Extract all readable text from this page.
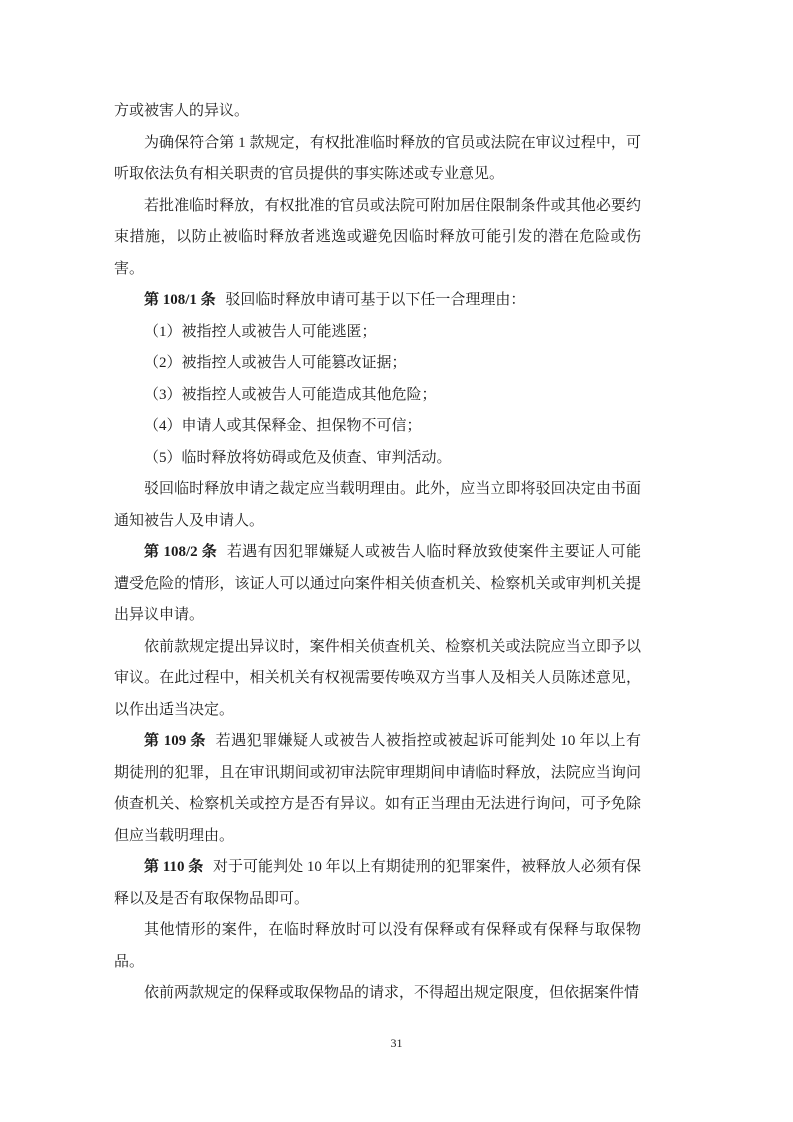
方或被害人的异议。

为确保符合第 1 款规定，有权批准临时释放的官员或法院在审议过程中，可听取依法负有相关职责的官员提供的事实陈述或专业意见。

若批准临时释放，有权批准的官员或法院可附加居住限制条件或其他必要约束措施，以防止被临时释放者逃逸或避免因临时释放可能引发的潜在危险或伤害。

第 108/1 条 驳回临时释放申请可基于以下任一合理理由：

（1）被指控人或被告人可能逃匿；

（2）被指控人或被告人可能篡改证据；

（3）被指控人或被告人可能造成其他危险；

（4）申请人或其保释金、担保物不可信；

（5）临时释放将妨碍或危及侦查、审判活动。

驳回临时释放申请之裁定应当载明理由。此外，应当立即将驳回决定由书面通知被告人及申请人。

第 108/2 条 若遇有因犯罪嫌疑人或被告人临时释放致使案件主要证人可能遭受危险的情形，该证人可以通过向案件相关侦查机关、检察机关或审判机关提出异议申请。

依前款规定提出异议时，案件相关侦查机关、检察机关或法院应当立即予以审议。在此过程中，相关机关有权视需要传唤双方当事人及相关人员陈述意见，以作出适当决定。

第 109 条 若遇犯罪嫌疑人或被告人被指控或被起诉可能判处 10 年以上有期徒刑的犯罪，且在审讯期间或初审法院审理期间申请临时释放，法院应当询问侦查机关、检察机关或控方是否有异议。如有正当理由无法进行询问，可予免除但应当载明理由。

第 110 条 对于可能判处 10 年以上有期徒刑的犯罪案件，被释放人必须有保释以及是否有取保物品即可。

其他情形的案件，在临时释放时可以没有保释或有保释或有保释与取保物品。

依前两款规定的保释或取保物品的请求，不得超出规定限度，但依据案件情

31
